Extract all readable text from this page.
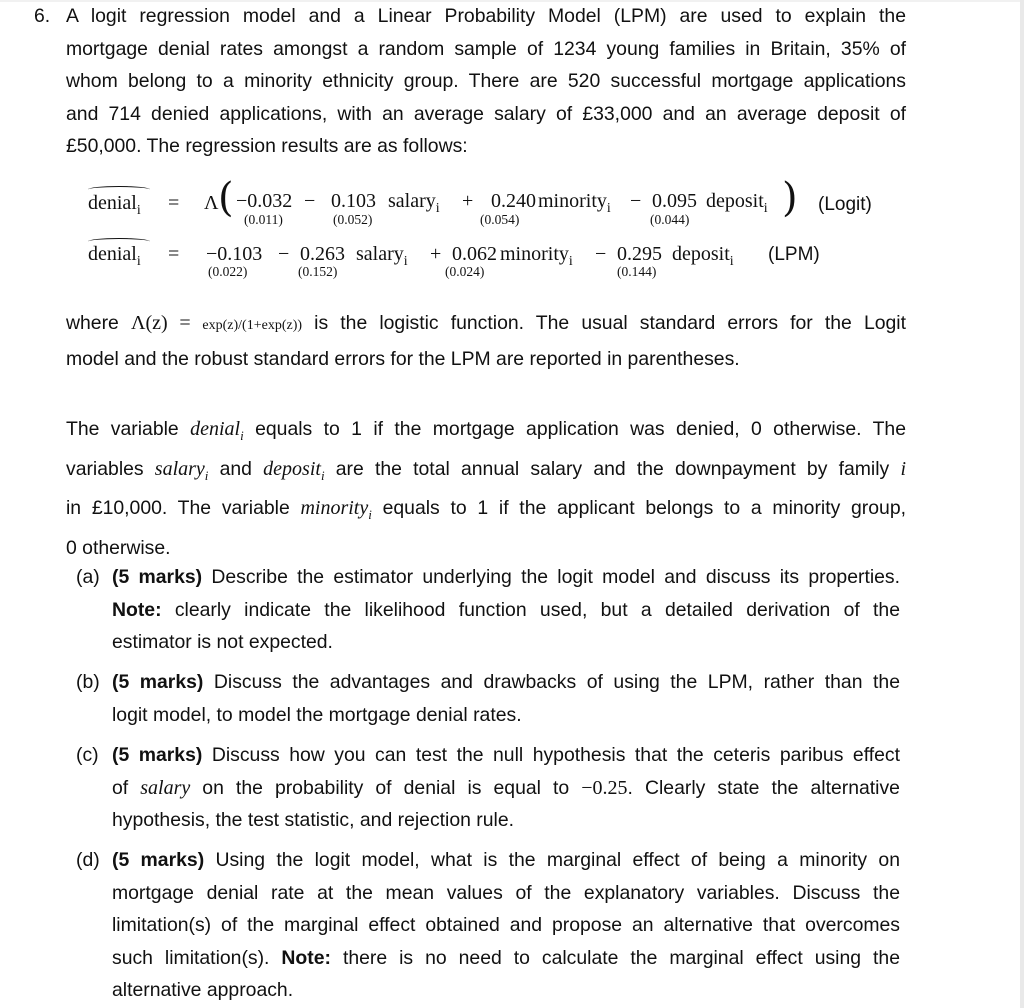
6. A logit regression model and a Linear Probability Model (LPM) are used to explain the
mortgage denial rates amongst a random sample of 1234 young families in Britain, 35% of
whom belong to a minority ethnicity group. There are 520 successful mortgage applications
and 714 denied applications, with an average salary of £33,000 and an average deposit of
£50,000. The regression results are as follows:
denial$_i$ = Λ ( −0.032 − 0.103 salary$_i$ + 0.240 minority$_i$ − 0.095 deposit$_i$ ) (Logit)
(0.011)	(0.052)	(0.054)	(0.044)
denial$_i$ = −0.103 − 0.263 salary$_i$ + 0.062 minority$_i$ − 0.295 deposit$_i$ (LPM)
(0.022)	(0.152)	(0.024)	(0.144)
where Λ(z) = exp(z)/(1+exp(z)) is the logistic function. The usual standard errors for the Logit
model and the robust standard errors for the LPM are reported in parentheses.
The variable denial$_i$ equals to 1 if the mortgage application was denied, 0 otherwise. The
variables salary$_i$ and deposit$_i$ are the total annual salary and the downpayment by family i
in £10,000. The variable minority$_i$ equals to 1 if the applicant belongs to a minority group,
0 otherwise.
(a) (5 marks) Describe the estimator underlying the logit model and discuss its properties.
Note: clearly indicate the likelihood function used, but a detailed derivation of the
estimator is not expected.
(b) (5 marks) Discuss the advantages and drawbacks of using the LPM, rather than the
logit model, to model the mortgage denial rates.
(c) (5 marks) Discuss how you can test the null hypothesis that the ceteris paribus effect
of salary on the probability of denial is equal to −0.25. Clearly state the alternative
hypothesis, the test statistic, and rejection rule.
(d) (5 marks) Using the logit model, what is the marginal effect of being a minority on
mortgage denial rate at the mean values of the explanatory variables. Discuss the
limitation(s) of the marginal effect obtained and propose an alternative that overcomes
such limitation(s). Note: there is no need to calculate the marginal effect using the
alternative approach.
